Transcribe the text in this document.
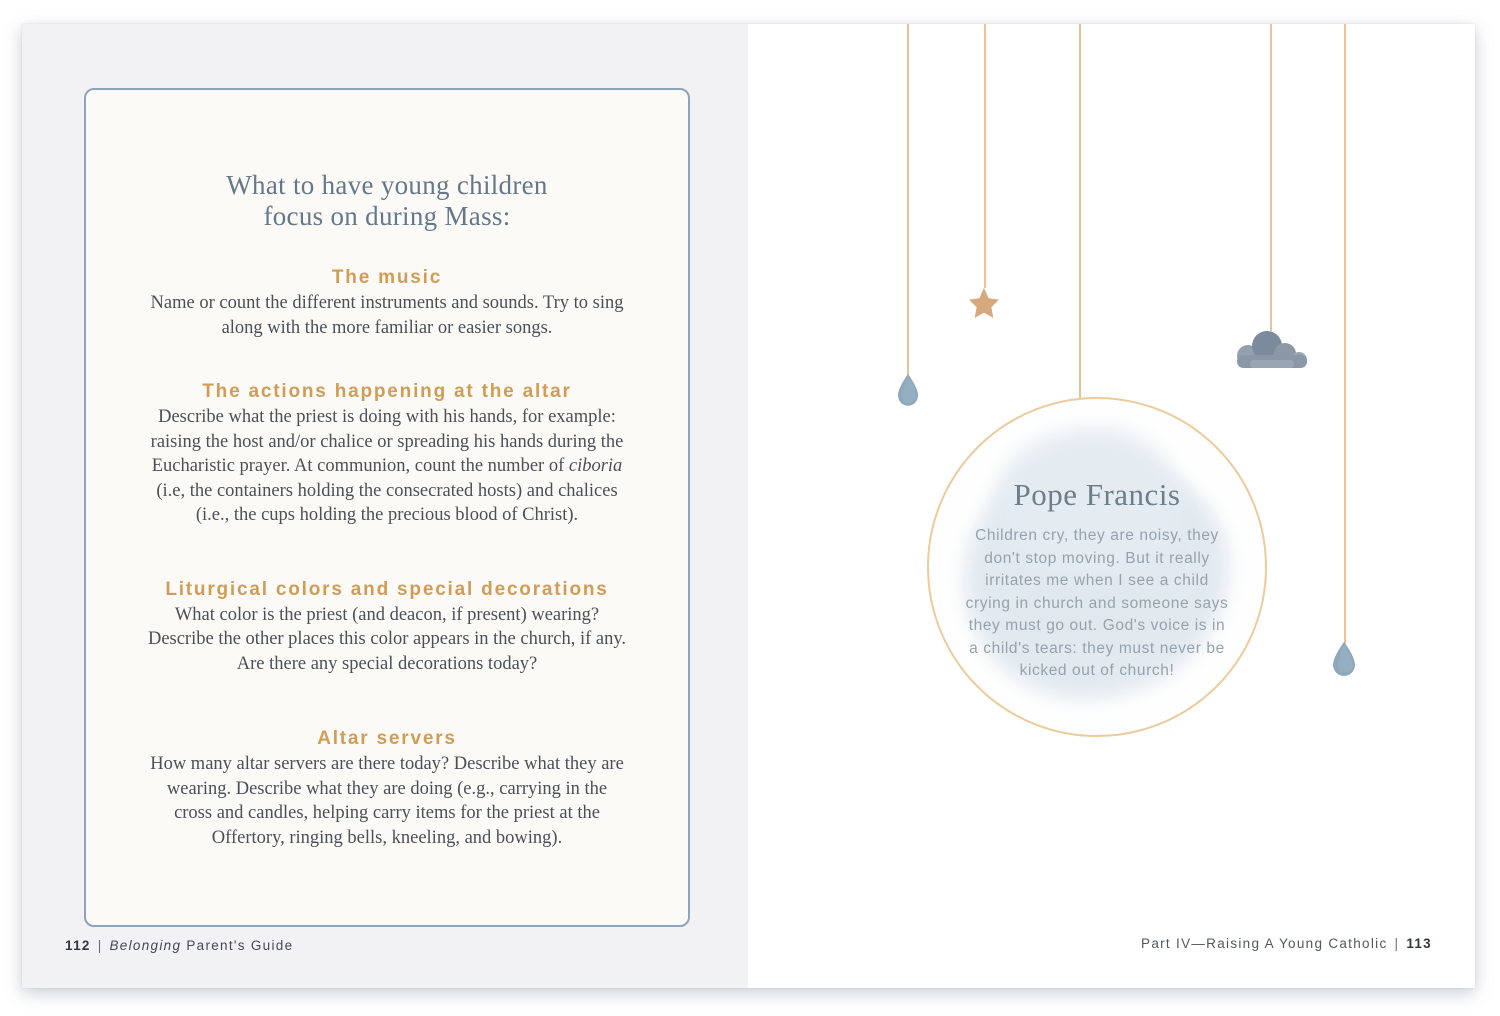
What to have young children
focus on during Mass:
The music

Name or count the different instruments and sounds. Try to sing along with the more familiar or easier songs.

The actions happening at the altar

Describe what the priest is doing with his hands, for example: raising the host and/or chalice or spreading his hands during the Eucharistic prayer. At communion, count the number of ciboria (i.e, the containers holding the consecrated hosts) and chalices (i.e., the cups holding the precious blood of Christ).

Liturgical colors and special decorations

What color is the priest (and deacon, if present) wearing? Describe the other places this color appears in the church, if any. Are there any special decorations today?

Altar servers

How many altar servers are there today? Describe what they are wearing. Describe what they are doing (e.g., carrying in the cross and candles, helping carry items for the priest at the Offertory, ringing bells, kneeling, and bowing).

112 | Belonging Parent's Guide
Pope Francis
Children cry, they are noisy, they don't stop moving. But it really irritates me when I see a child crying in church and someone says they must go out. God's voice is in a child's tears: they must never be kicked out of church!
Part IV—Raising A Young Catholic | 113
